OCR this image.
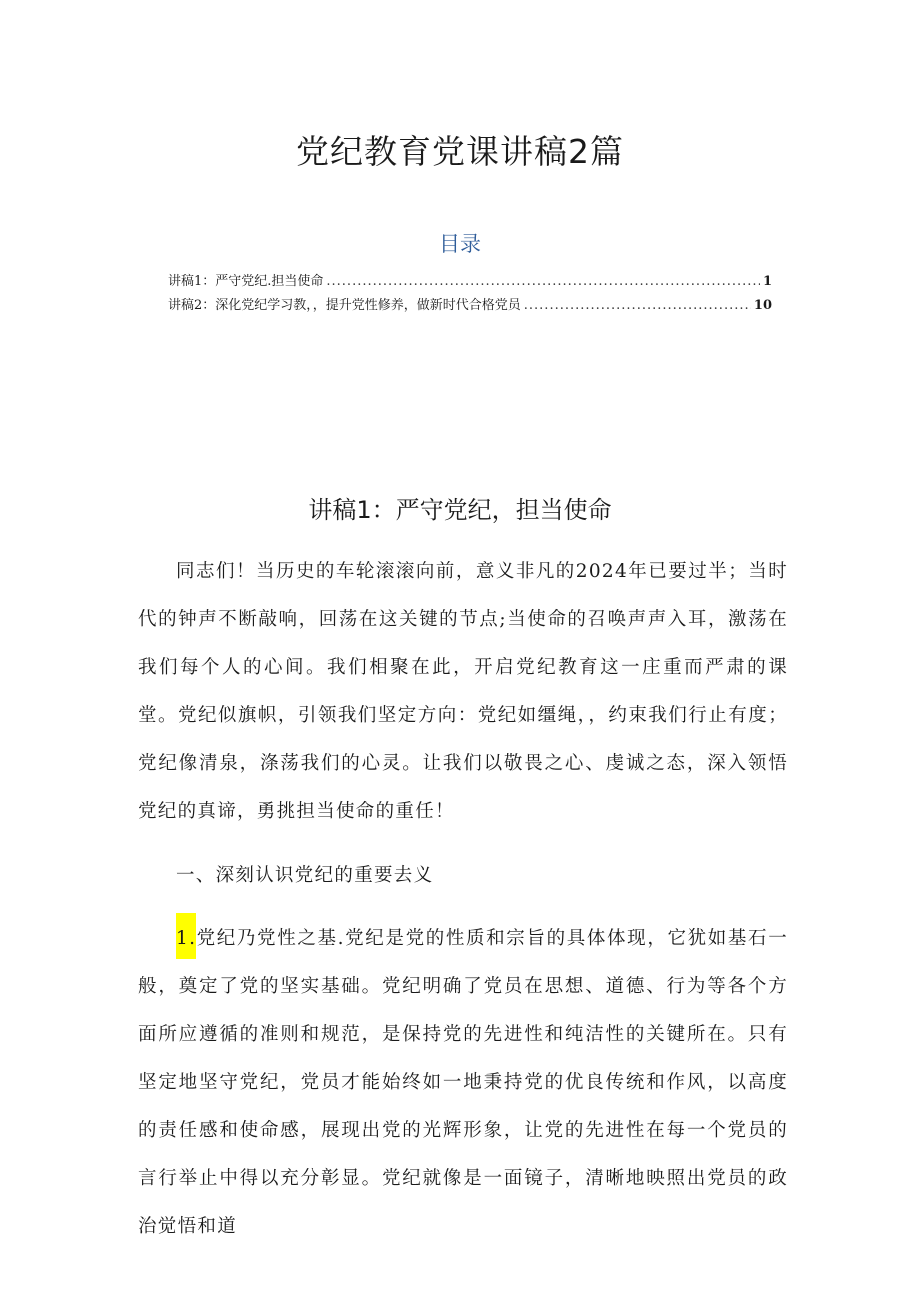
党纪教育党课讲稿2篇
目录
讲稿1：严守党纪.担当使命 .....	1
讲稿2：深化党纪学习教，，提升党性修养，做新时代合格党员 .....	10
讲稿1：严守党纪，担当使命

同志们！当历史的车轮滚滚向前，意义非凡的2024年已要过半；当时代的钟声不断敲响，回荡在这关键的节点;当使命的召唤声声入耳，激荡在我们每个人的心间。我们相聚在此，开启党纪教育这一庄重而严肃的课堂。党纪似旗帜，引领我们坚定方向：党纪如缰绳，，约束我们行止有度；党纪像清泉，涤荡我们的心灵。让我们以敬畏之心、虔诚之态，深入领悟党纪的真谛，勇挑担当使命的重任！

一、深刻认识党纪的重要去义

1.党纪乃党性之基.党纪是党的性质和宗旨的具体体现，它犹如基石一般，奠定了党的坚实基础。党纪明确了党员在思想、道德、行为等各个方面所应遵循的准则和规范，是保持党的先进性和纯洁性的关键所在。只有坚定地坚守党纪，党员才能始终如一地秉持党的优良传统和作风，以高度的责任感和使命感，展现出党的光辉形象，让党的先进性在每一个党员的言行举止中得以充分彰显。党纪就像是一面镜子，清晰地映照出党员的政治觉悟和道
